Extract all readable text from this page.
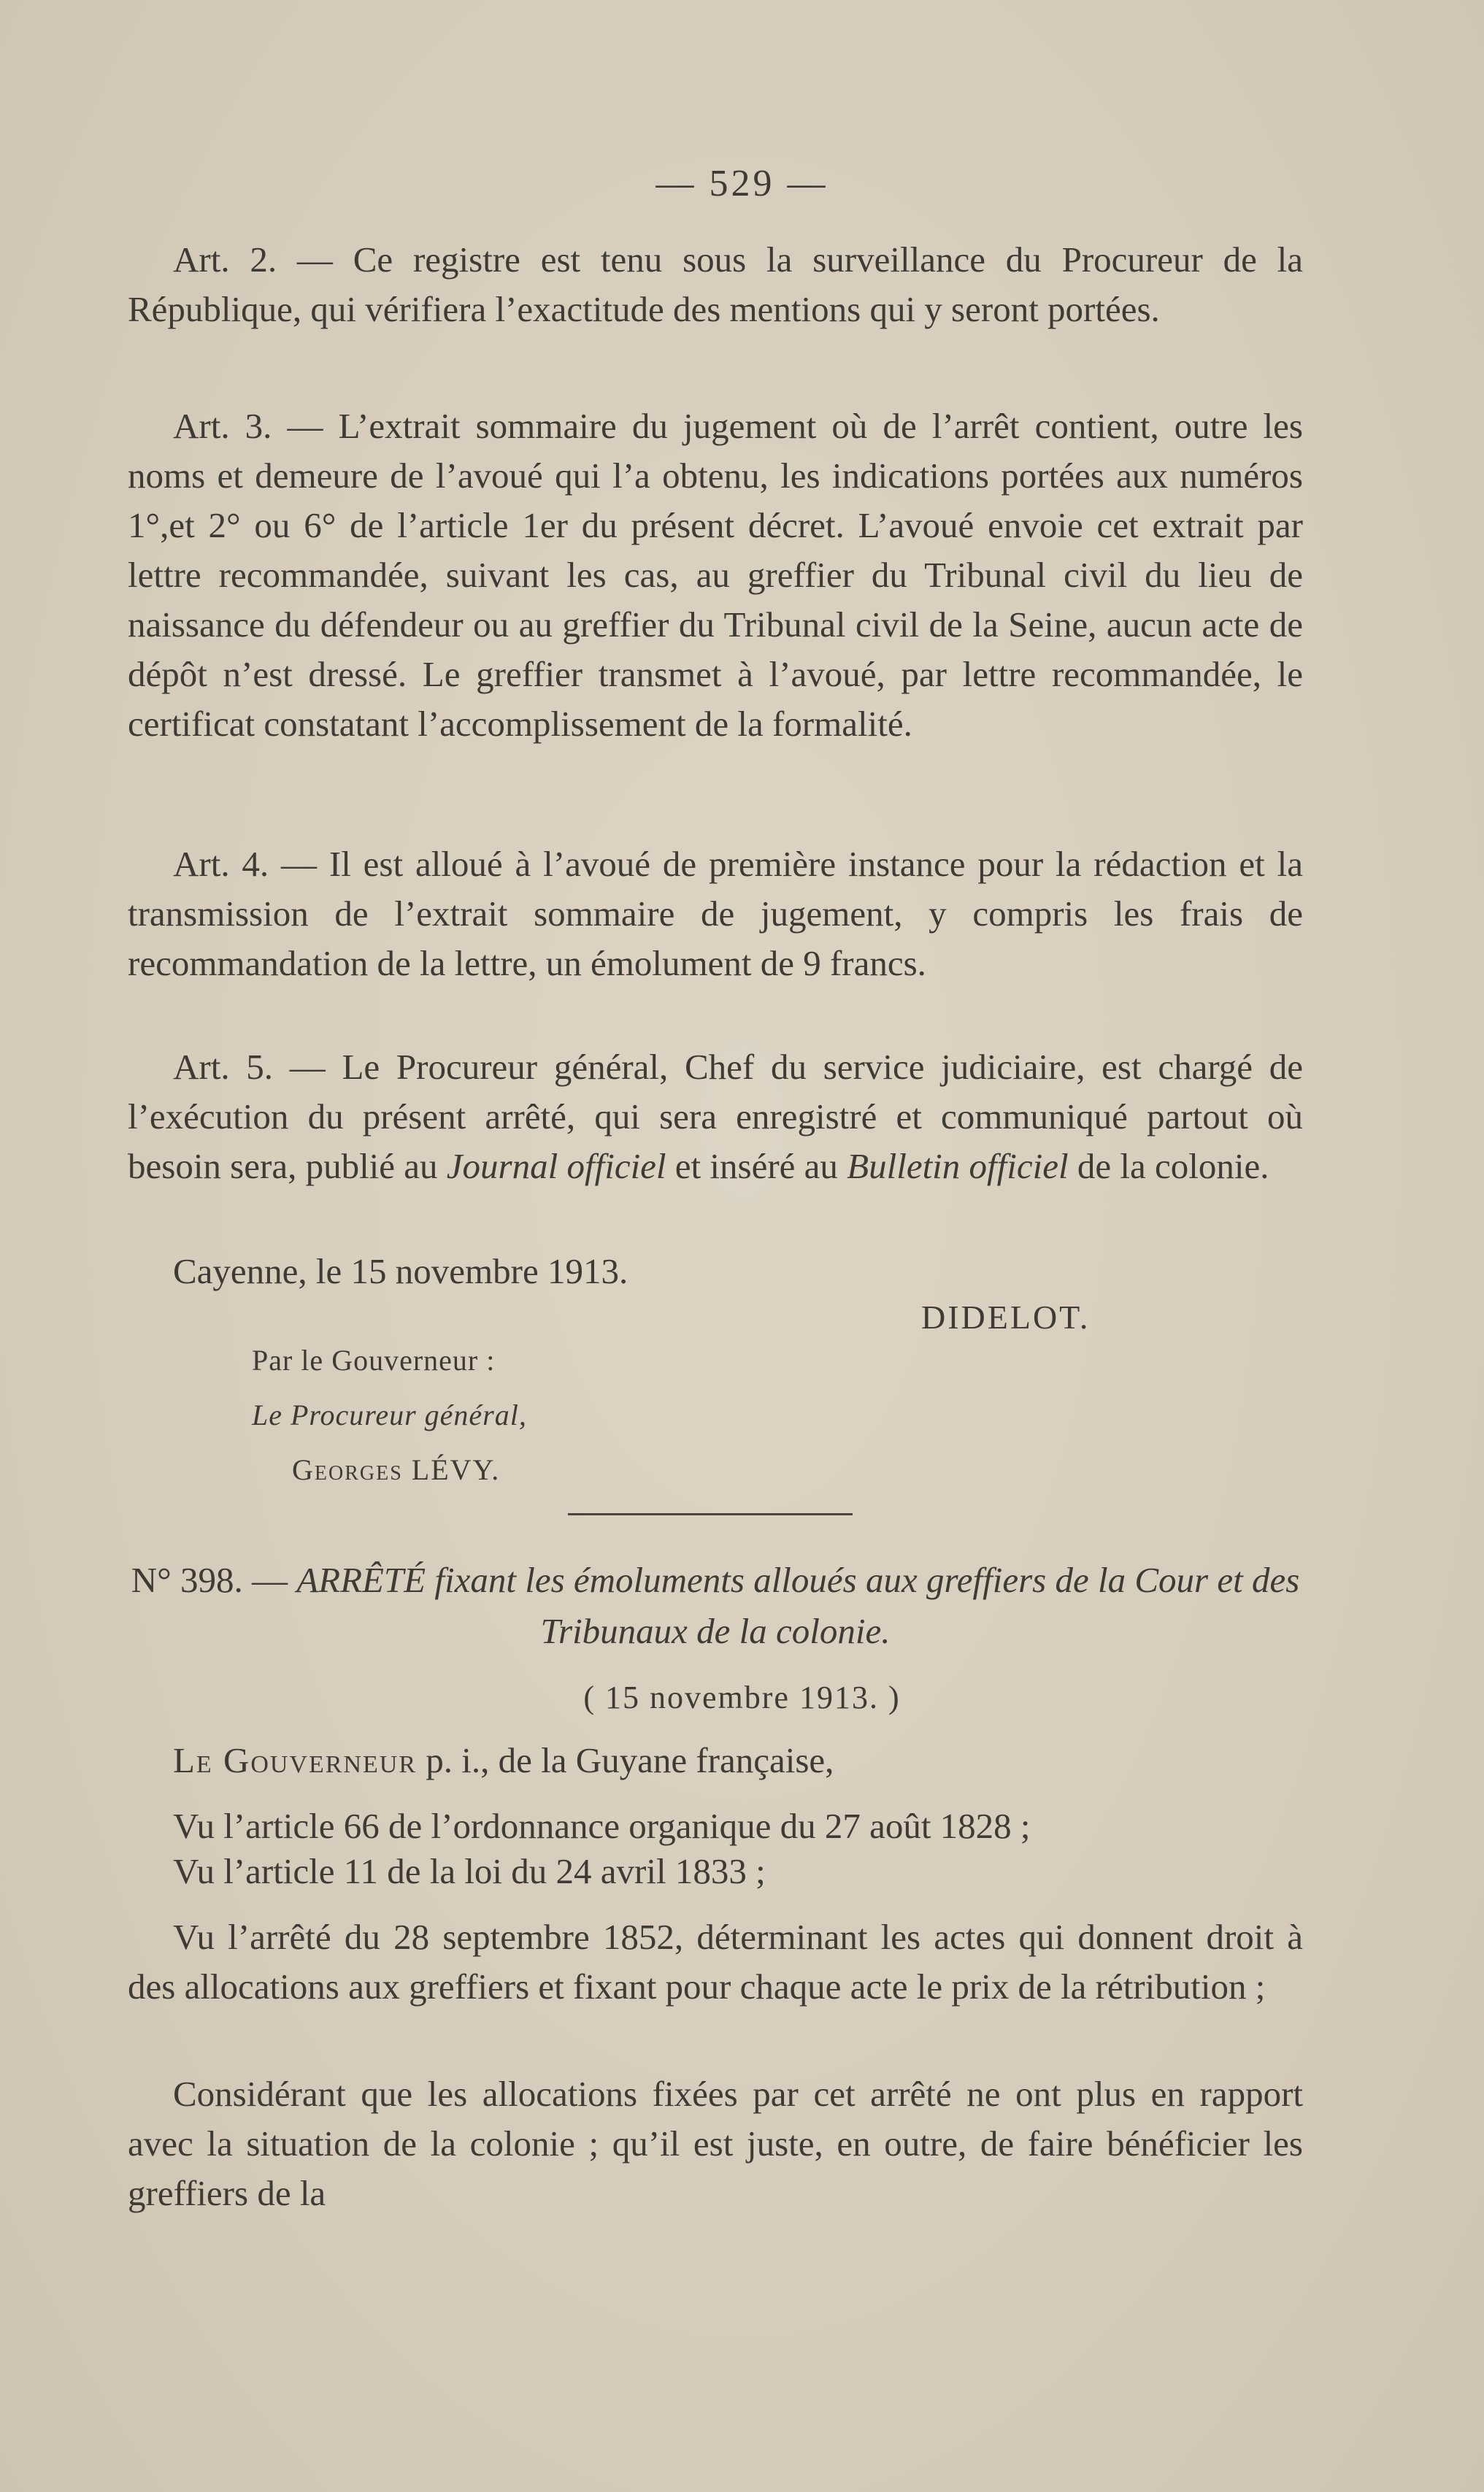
— 529 —

Art. 2. — Ce registre est tenu sous la surveillance du Procureur de la République, qui vérifiera l’exactitude des mentions qui y seront portées.

Art. 3. — L’extrait sommaire du jugement où de l’arrêt contient, outre les noms et demeure de l’avoué qui l’a obtenu, les indications portées aux numéros 1°,et 2° ou 6° de l’article 1er du présent décret. L’avoué envoie cet extrait par lettre recommandée, suivant les cas, au greffier du Tribunal civil du lieu de naissance du défendeur ou au greffier du Tribunal civil de la Seine, aucun acte de dépôt n’est dressé. Le greffier transmet à l’avoué, par lettre recommandée, le certificat constatant l’accomplissement de la formalité.

Art. 4. — Il est alloué à l’avoué de première instance pour la rédaction et la transmission de l’extrait sommaire de jugement, y compris les frais de recommandation de la lettre, un émolument de 9 francs.

Art. 5. — Le Procureur général, Chef du service judiciaire, est chargé de l’exécution du présent arrêté, qui sera enregistré et communiqué partout où besoin sera, publié au Journal officiel et inséré au Bulletin officiel de la colonie.

Cayenne, le 15 novembre 1913.

DIDELOT.
Par le Gouverneur :
Le Procureur général,
Georges LÉVY.

N° 398. — ARRÊTÉ fixant les émoluments alloués aux greffiers de la Cour et des Tribunaux de la colonie.

( 15 novembre 1913. )

Le Gouverneur p. i., de la Guyane française,

Vu l’article 66 de l’ordonnance organique du 27 août 1828 ;

Vu l’article 11 de la loi du 24 avril 1833 ;

Vu l’arrêté du 28 septembre 1852, déterminant les actes qui donnent droit à des allocations aux greffiers et fixant pour chaque acte le prix de la rétribution ;

Considérant que les allocations fixées par cet arrêté ne ont plus en rapport avec la situation de la colonie ; qu’il est juste, en outre, de faire bénéficier les greffiers de la
